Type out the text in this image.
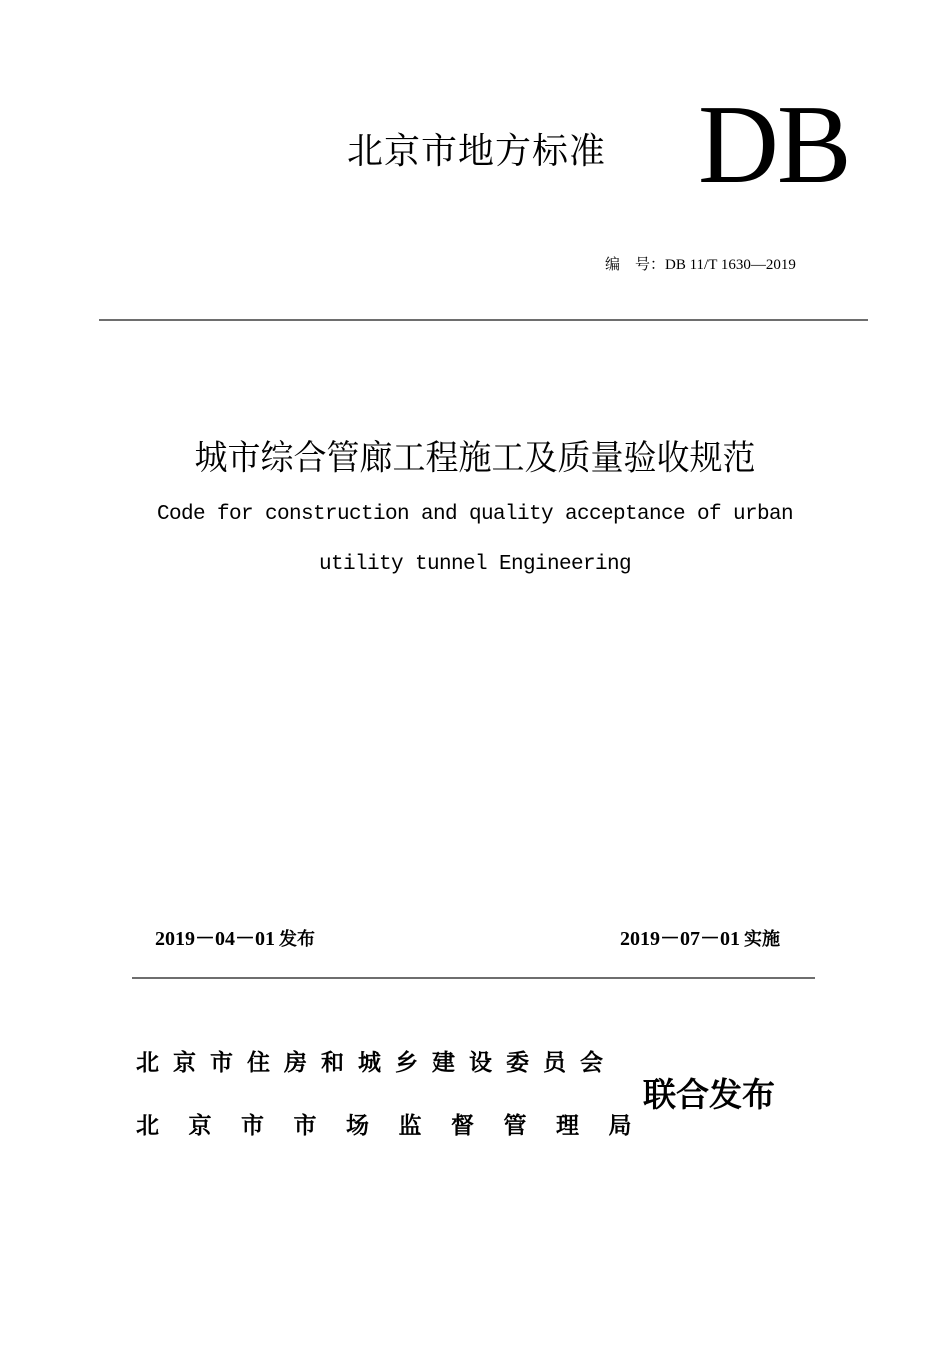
北京市地方标准 DB
编号：DB 11/T 1630—2019
城市综合管廊工程施工及质量验收规范
Code for construction and quality acceptance of urban
utility tunnel Engineering
2019－04－01 发布	2019－07－01 实施
北京市住房和城乡建设委员会
北京市市场监督管理局
联合发布
